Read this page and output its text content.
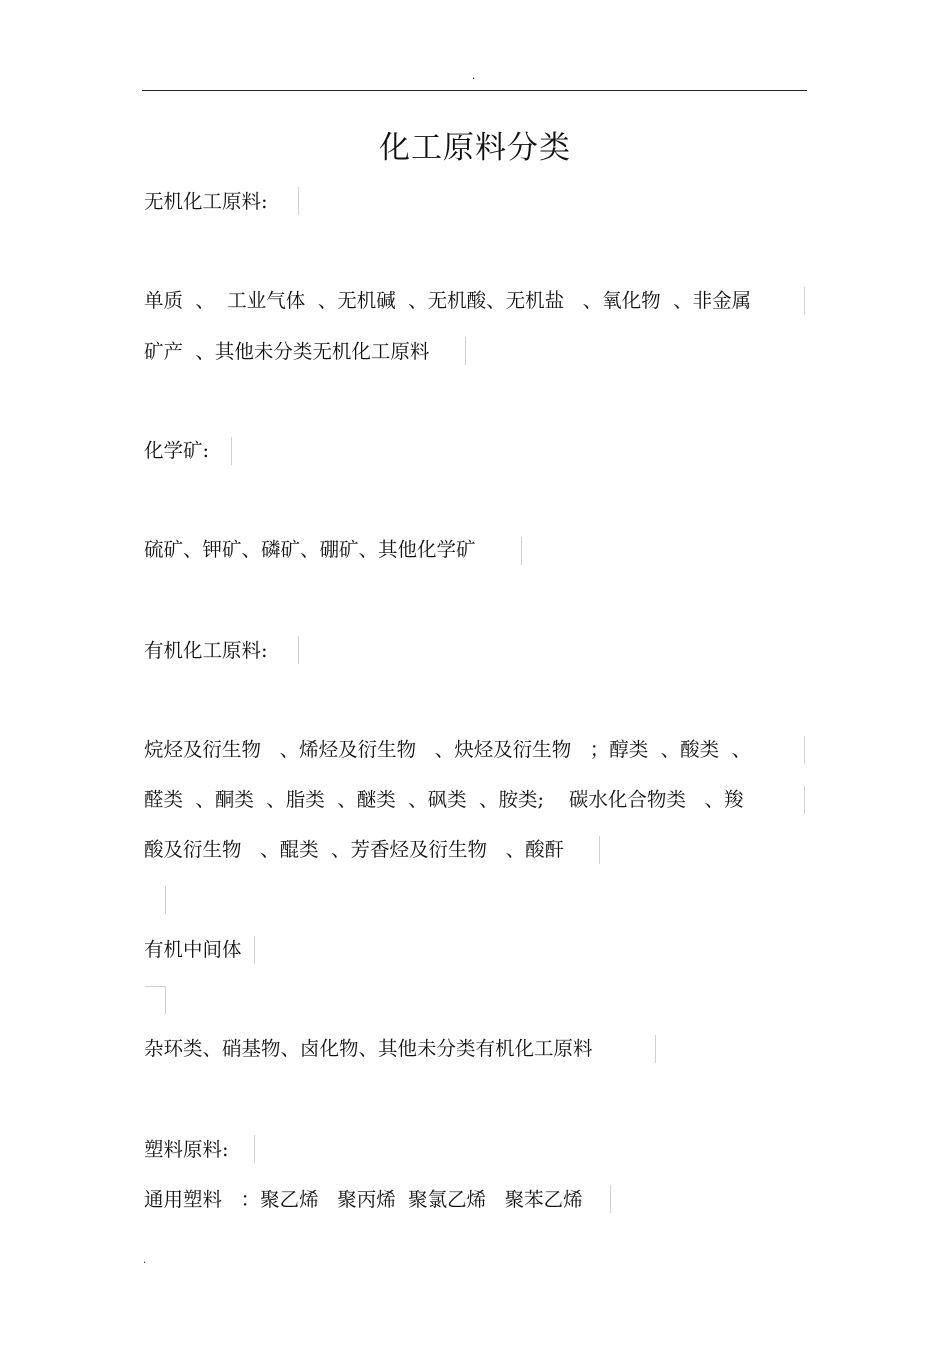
.
化工原料分类
无机化工原料:
单质  、  工业气体  、无机碱  、无机酸、无机盐   、氧化物  、非金属
矿产  、其他未分类无机化工原料
化学矿:
硫矿、钾矿、磷矿、硼矿、其他化学矿
有机化工原料:
烷烃及衍生物   、烯烃及衍生物   、炔烃及衍生物   ；醇类  、酸类  、
醛类  、酮类  、脂类  、醚类  、砜类  、胺类;    碳水化合物类   、羧
酸及衍生物   、醌类  、芳香烃及衍生物   、酸酐
有机中间体
杂环类、硝基物、卤化物、其他未分类有机化工原料
塑料原料:
通用塑料   ：聚乙烯   聚丙烯  聚氯乙烯   聚苯乙烯
.
